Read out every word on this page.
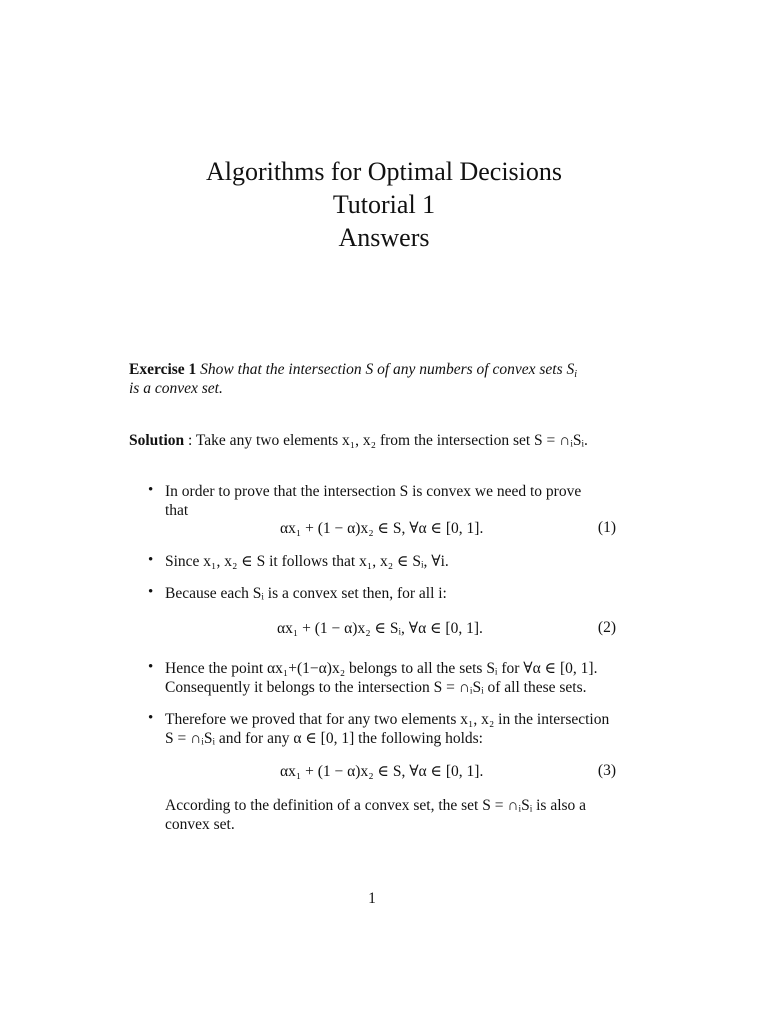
Algorithms for Optimal Decisions
Tutorial 1
Answers
Exercise 1 Show that the intersection S of any numbers of convex sets $S_i$
is a convex set.
Solution : Take any two elements x₁, x₂ from the intersection set S = ∩ᵢSᵢ.
• In order to prove that the intersection S is convex we need to prove
that
αx₁ + (1 − α)x₂ ∈ S, ∀α ∈ [0, 1].	(1)
• Since x₁, x₂ ∈ S it follows that x₁, x₂ ∈ Sᵢ, ∀i.
• Because each Sᵢ is a convex set then, for all i:
αx₁ + (1 − α)x₂ ∈ Sᵢ, ∀α ∈ [0, 1].	(2)
• Hence the point αx₁+(1−α)x₂ belongs to all the sets Sᵢ for ∀α ∈ [0, 1].
Consequently it belongs to the intersection S = ∩ᵢSᵢ of all these sets.
• Therefore we proved that for any two elements x₁, x₂ in the intersection
S = ∩ᵢSᵢ and for any α ∈ [0, 1] the following holds:
αx₁ + (1 − α)x₂ ∈ S, ∀α ∈ [0, 1].	(3)
According to the definition of a convex set, the set S = ∩ᵢSᵢ is also a
convex set.
1
